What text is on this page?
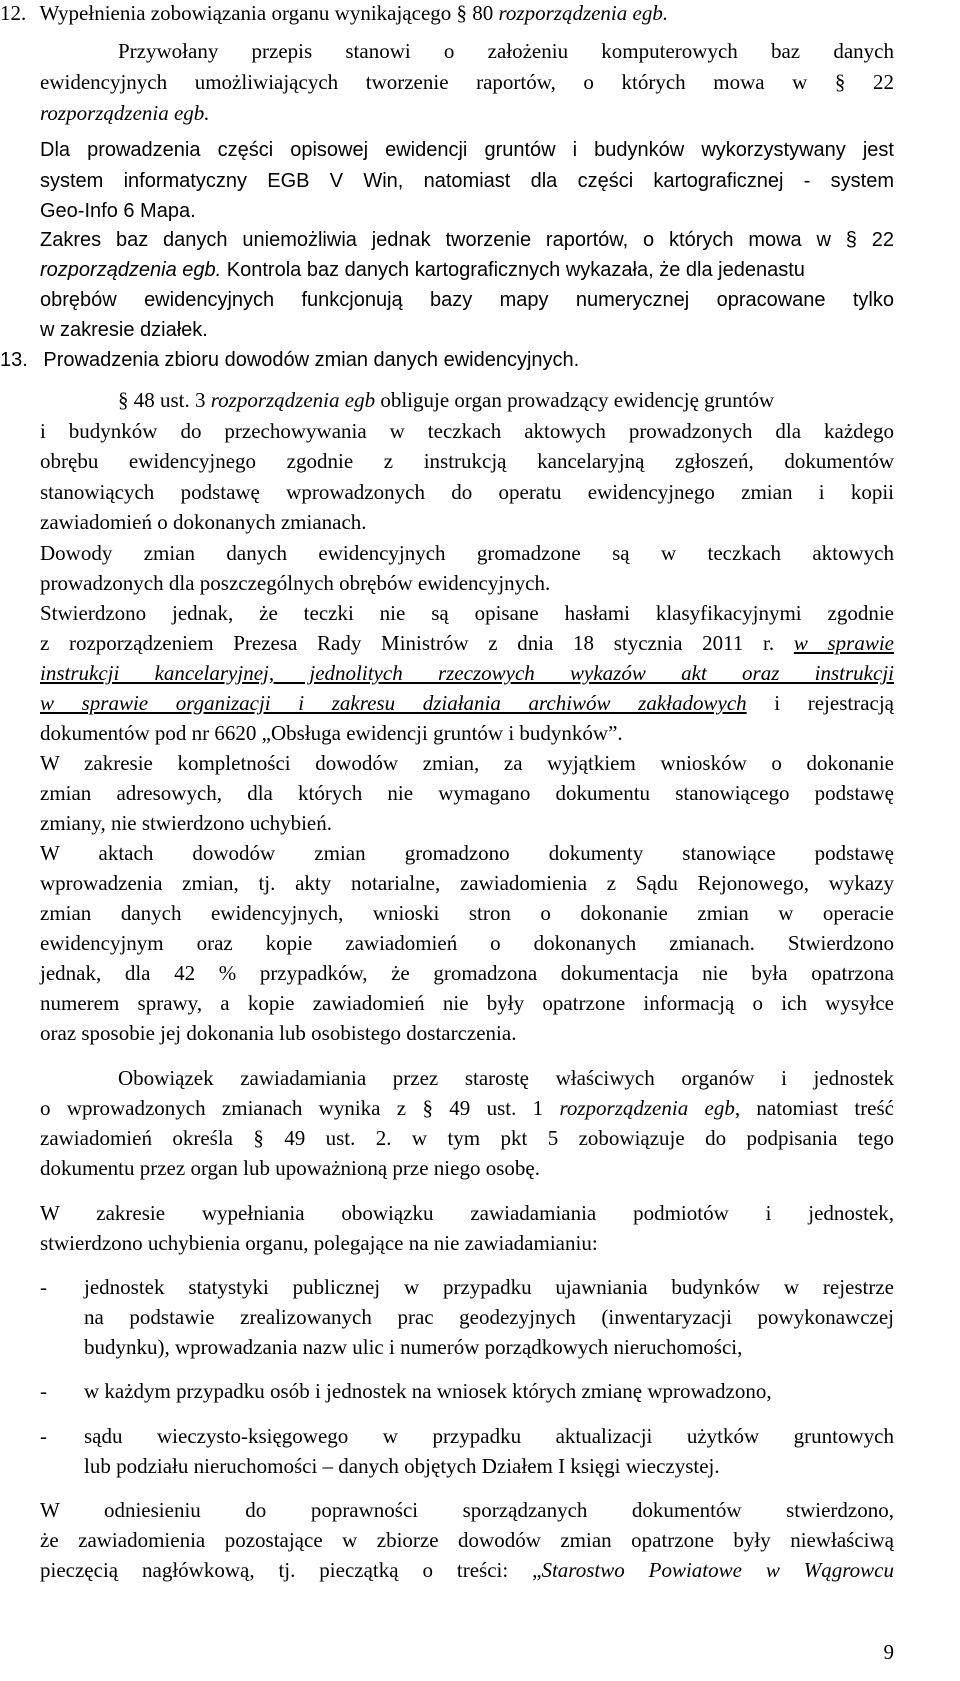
12. Wypełnienia zobowiązania organu wynikającego § 80 rozporządzenia egb.
Przywołany przepis stanowi o założeniu komputerowych baz danych
ewidencyjnych umożliwiających tworzenie raportów, o których mowa w § 22
rozporządzenia egb.
Dla prowadzenia części opisowej ewidencji gruntów i budynków wykorzystywany jest
system informatyczny EGB V Win, natomiast dla części kartograficznej - system
Geo-Info 6 Mapa.
Zakres baz danych uniemożliwia jednak tworzenie raportów, o których mowa w § 22
rozporządzenia egb. Kontrola baz danych kartograficznych wykazała, że dla jedenastu
obrębów ewidencyjnych funkcjonują bazy mapy numerycznej opracowane tylko
w zakresie działek.
13. Prowadzenia zbioru dowodów zmian danych ewidencyjnych.
§ 48 ust. 3 rozporządzenia egb obliguje organ prowadzący ewidencję gruntów
i budynków do przechowywania w teczkach aktowych prowadzonych dla każdego
obrębu ewidencyjnego zgodnie z instrukcją kancelaryjną zgłoszeń, dokumentów
stanowiących podstawę wprowadzonych do operatu ewidencyjnego zmian i kopii
zawiadomień o dokonanych zmianach.
Dowody zmian danych ewidencyjnych gromadzone są w teczkach aktowych
prowadzonych dla poszczególnych obrębów ewidencyjnych.
Stwierdzono jednak, że teczki nie są opisane hasłami klasyfikacyjnymi zgodnie
z rozporządzeniem Prezesa Rady Ministrów z dnia 18 stycznia 2011 r. w sprawie
instrukcji kancelaryjnej, jednolitych rzeczowych wykazów akt oraz instrukcji
w sprawie organizacji i zakresu działania archiwów zakładowych i rejestracją
dokumentów pod nr 6620 „Obsługa ewidencji gruntów i budynków”.
W zakresie kompletności dowodów zmian, za wyjątkiem wniosków o dokonanie
zmian adresowych, dla których nie wymagano dokumentu stanowiącego podstawę
zmiany, nie stwierdzono uchybień.
W aktach dowodów zmian gromadzono dokumenty stanowiące podstawę
wprowadzenia zmian, tj. akty notarialne, zawiadomienia z Sądu Rejonowego, wykazy
zmian danych ewidencyjnych, wnioski stron o dokonanie zmian w operacie
ewidencyjnym oraz kopie zawiadomień o dokonanych zmianach. Stwierdzono
jednak, dla 42 % przypadków, że gromadzona dokumentacja nie była opatrzona
numerem sprawy, a kopie zawiadomień nie były opatrzone informacją o ich wysyłce
oraz sposobie jej dokonania lub osobistego dostarczenia.
Obowiązek zawiadamiania przez starostę właściwych organów i jednostek
o wprowadzonych zmianach wynika z § 49 ust. 1 rozporządzenia egb, natomiast treść
zawiadomień określa § 49 ust. 2. w tym pkt 5 zobowiązuje do podpisania tego
dokumentu przez organ lub upoważnioną prze niego osobę.
W zakresie wypełniania obowiązku zawiadamiania podmiotów i jednostek,
stwierdzono uchybienia organu, polegające na nie zawiadamianiu:
- jednostek statystyki publicznej w przypadku ujawniania budynków w rejestrze
na podstawie zrealizowanych prac geodezyjnych (inwentaryzacji powykonawczej
budynku), wprowadzania nazw ulic i numerów porządkowych nieruchomości,
- w każdym przypadku osób i jednostek na wniosek których zmianę wprowadzono,
- sądu wieczysto-księgowego w przypadku aktualizacji użytków gruntowych
lub podziału nieruchomości – danych objętych Działem I księgi wieczystej.
W odniesieniu do poprawności sporządzanych dokumentów stwierdzono,
że zawiadomienia pozostające w zbiorze dowodów zmian opatrzone były niewłaściwą
pieczęcią nagłówkową, tj. pieczątką o treści: „Starostwo Powiatowe w Wągrowcu
9
